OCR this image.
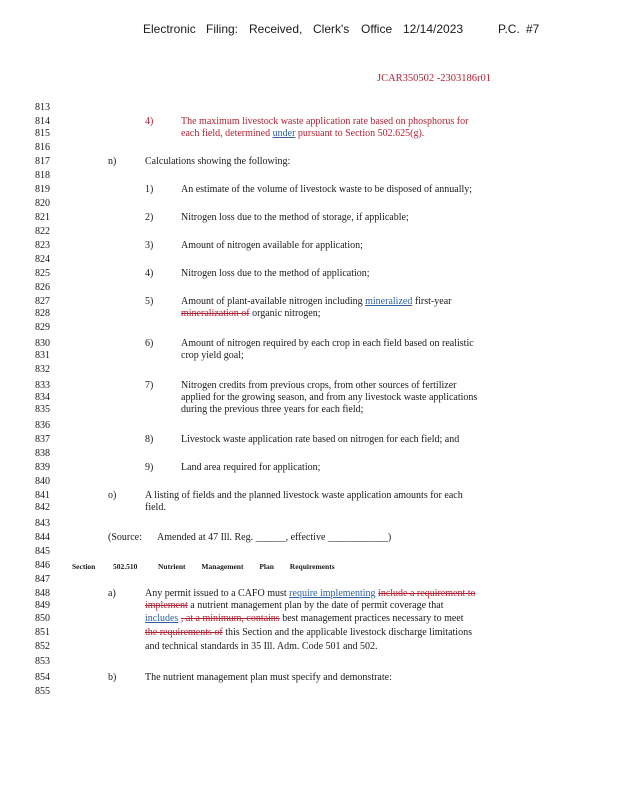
Electronic Filing: Received, Clerk's Office 12/14/2023	P.C. #7
JCAR350502 -2303186r01
813
814
815
816
817
818
819
820
821
822
823
824
825
826
827
828
829
830
831
832
833
834
835
836
837
838
839
840
841
842
843
844
845
846
847
848
849
850
851
852
853
854
855
4)	The maximum livestock waste application rate based on phosphorus for
each field, determined under pursuant to Section 502.625(g).
n)	Calculations showing the following:
1)	An estimate of the volume of livestock waste to be disposed of annually;
2)	Nitrogen loss due to the method of storage, if applicable;
3)	Amount of nitrogen available for application;
4)	Nitrogen loss due to the method of application;
5)	Amount of plant-available nitrogen including mineralized first-year
mineralization of organic nitrogen;
6)	Amount of nitrogen required by each crop in each field based on realistic
crop yield goal;
7)	Nitrogen credits from previous crops, from other sources of fertilizer
applied for the growing season, and from any livestock waste applications
during the previous three years for each field;
8)	Livestock waste application rate based on nitrogen for each field; and
9)	Land area required for application;
o)	A listing of fields and the planned livestock waste application amounts for each
field.
(Source: Amended at 47 Ill. Reg. ______, effective ____________)
Section 502.510	Nutrient Management Plan Requirements
a)	Any permit issued to a CAFO must require implementing include a requirement to
implement a nutrient management plan by the date of permit coverage that
includes , at a minimum, contains best management practices necessary to meet
the requirements of this Section and the applicable livestock discharge limitations
and technical standards in 35 Ill. Adm. Code 501 and 502.
b)	The nutrient management plan must specify and demonstrate:
